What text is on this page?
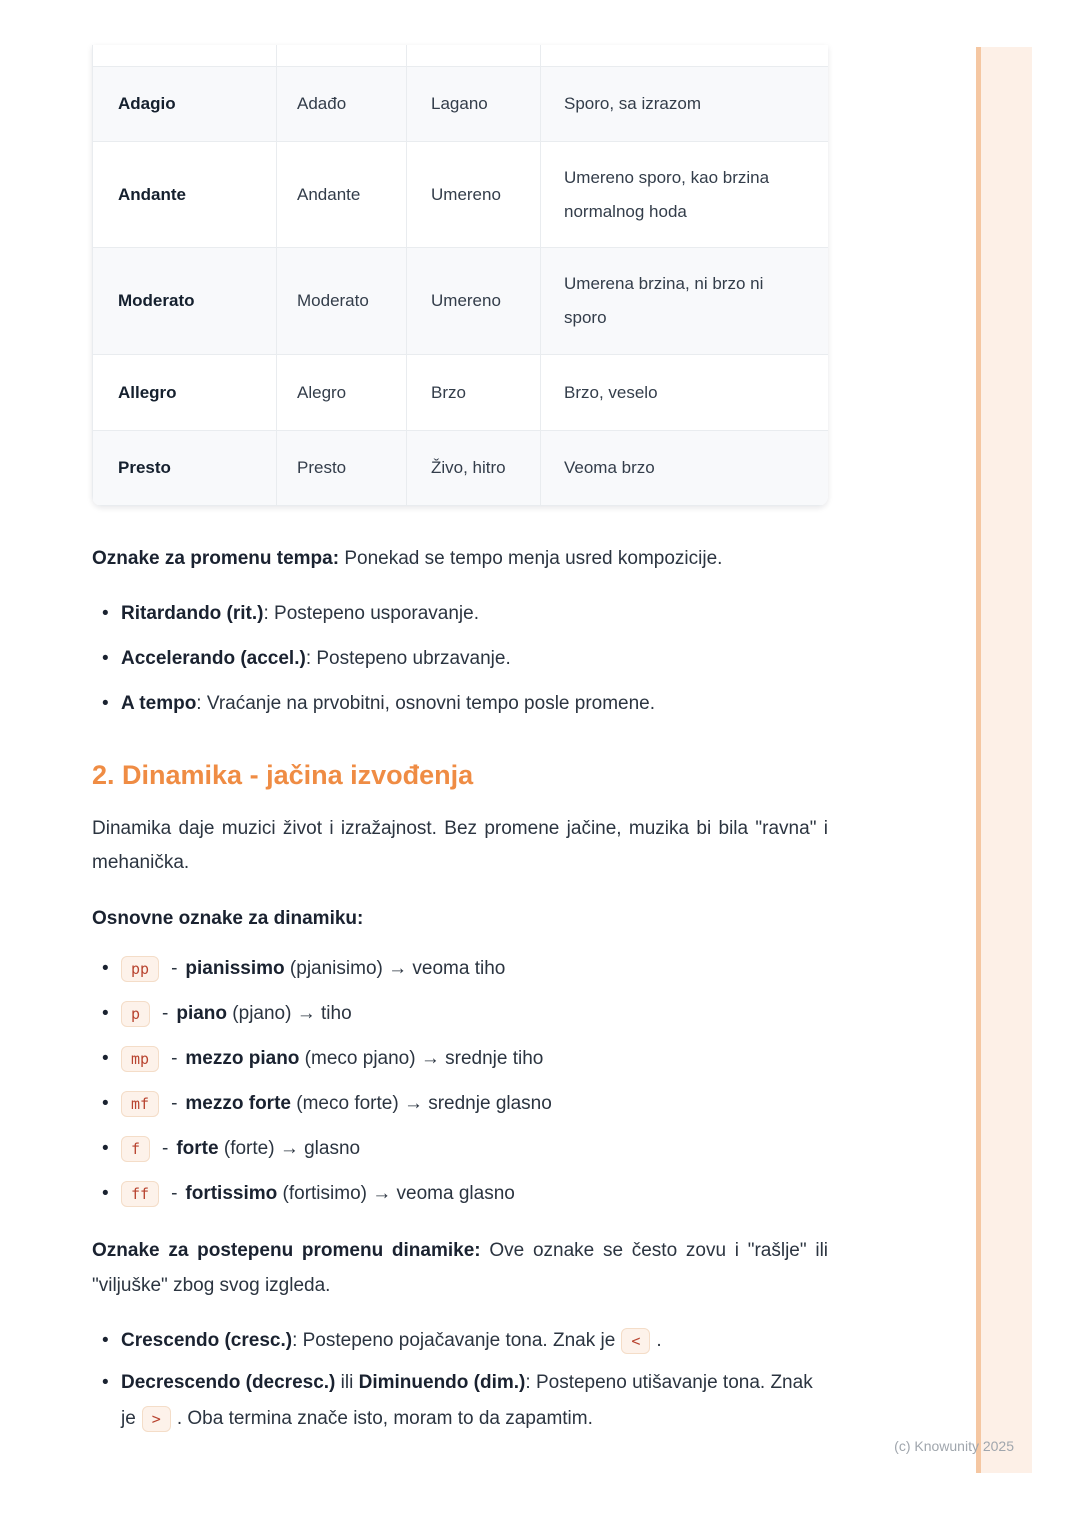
Adagio	Adađo	Lagano	Sporo, sa izrazom
Andante	Andante	Umereno	Umereno sporo, kao brzina normalnog hoda
Moderato	Moderato	Umereno	Umerena brzina, ni brzo ni sporo
Allegro	Alegro	Brzo	Brzo, veselo
Presto	Presto	Živo, hitro	Veoma brzo

Oznake za promenu tempa: Ponekad se tempo menja usred kompozicije.

• Ritardando (rit.): Postepeno usporavanje.
• Accelerando (accel.): Postepeno ubrzavanje.
• A tempo: Vraćanje na prvobitni, osnovni tempo posle promene.
2. Dinamika - jačina izvođenja

Dinamika daje muzici život i izražajnost. Bez promene jačine, muzika bi bila "ravna" i mehanička.

Osnovne oznake za dinamiku:

• pp	- pianissimo (pjanisimo) → veoma tiho
• p	- piano (pjano) → tiho
• mp	- mezzo piano (meco pjano) → srednje tiho
• mf	- mezzo forte (meco forte) → srednje glasno
• f	- forte (forte) → glasno
• ff	- fortissimo (fortisimo) → veoma glasno

Oznake za postepenu promenu dinamike: Ove oznake se često zovu i "rašlje" ili "viljuške" zbog svog izgleda.

• Crescendo (cresc.): Postepeno pojačavanje tona. Znak je < .
• Decrescendo (decresc.) ili Diminuendo (dim.): Postepeno utišavanje tona. Znak je > . Oba termina znače isto, moram to da zapamtim.
(c) Knowunity 2025
